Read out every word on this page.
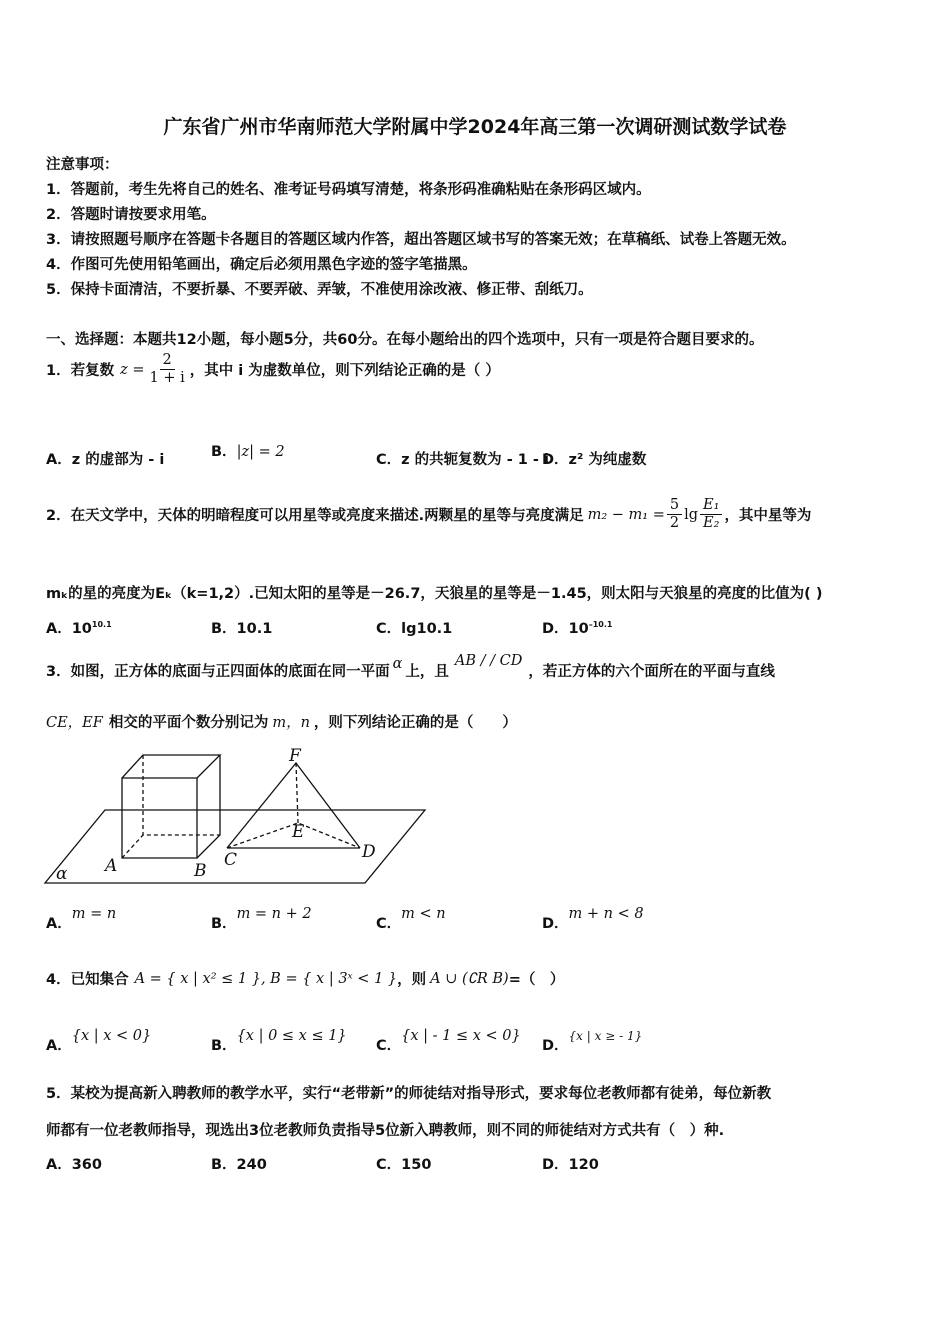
广东省广州市华南师范大学附属中学2024年高三第一次调研测试数学试卷
注意事项：
1．答题前，考生先将自己的姓名、准考证号码填写清楚，将条形码准确粘贴在条形码区域内。
2．答题时请按要求用笔。
3．请按照题号顺序在答题卡各题目的答题区域内作答，超出答题区域书写的答案无效；在草稿纸、试卷上答题无效。
4．作图可先使用铅笔画出，确定后必须用黑色字迹的签字笔描黑。
5．保持卡面清洁，不要折暴、不要弄破、弄皱，不准使用涂改液、修正带、刮纸刀。
一、选择题：本题共12小题，每小题5分，共60分。在每小题给出的四个选项中，只有一项是符合题目要求的。
1．若复数 $z = \frac{2}{1 + i}$ ，其中 i 为虚数单位，则下列结论正确的是（ ）
A．z 的虚部为 - i	B．|z| = 2	C．z 的共轭复数为 - 1 - i
D．z² 为纯虚数
2．在天文学中，天体的明暗程度可以用星等或亮度来描述.两颗星的星等与亮度满足 $m_2 - m_1 = \frac{5}{2}$ $\lg \frac{\text{E₁}}{\text{E₂}}$ ，其中星等为
mₖ的星的亮度为Eₖ（k=1,2）.已知太阳的星等是－26.7，天狼星的星等是－1.45，则太阳与天狼星的亮度的比值为( )
A．$10^{10.1}$	B．10.1	C．lg10.1	D．$10^{-10.1}$
3．如图，正方体的底面与正四面体的底面在同一平面
α
上，且
AB / / CD
，若正方体的六个面所在的平面与直线
CE，EF 相交的平面个数分别记为 m，n ，则下列结论正确的是（　　）
F
E
A	B
C	D
α
A．m = n
B．m = n + 2
C．m < n
D．m + n < 8
4．已知集合 A = { x | x² ≤ 1 } , B = { x | 3ˣ < 1 } ，则 A ∪ (∁R B) =（　）
A．{x | x < 0}
B．{x | 0 ≤ x ≤ 1}
C．{x | - 1 ≤ x < 0}
D．$^{\{x | x \ge - 1\}}$
5．某校为提高新入聘教师的教学水平，实行“老带新”的师徒结对指导形式，要求每位老教师都有徒弟，每位新教
师都有一位老教师指导，现选出3位老教师负责指导5位新入聘教师，则不同的师徒结对方式共有（　）种.
A．360	B．240	C．150	D．120
